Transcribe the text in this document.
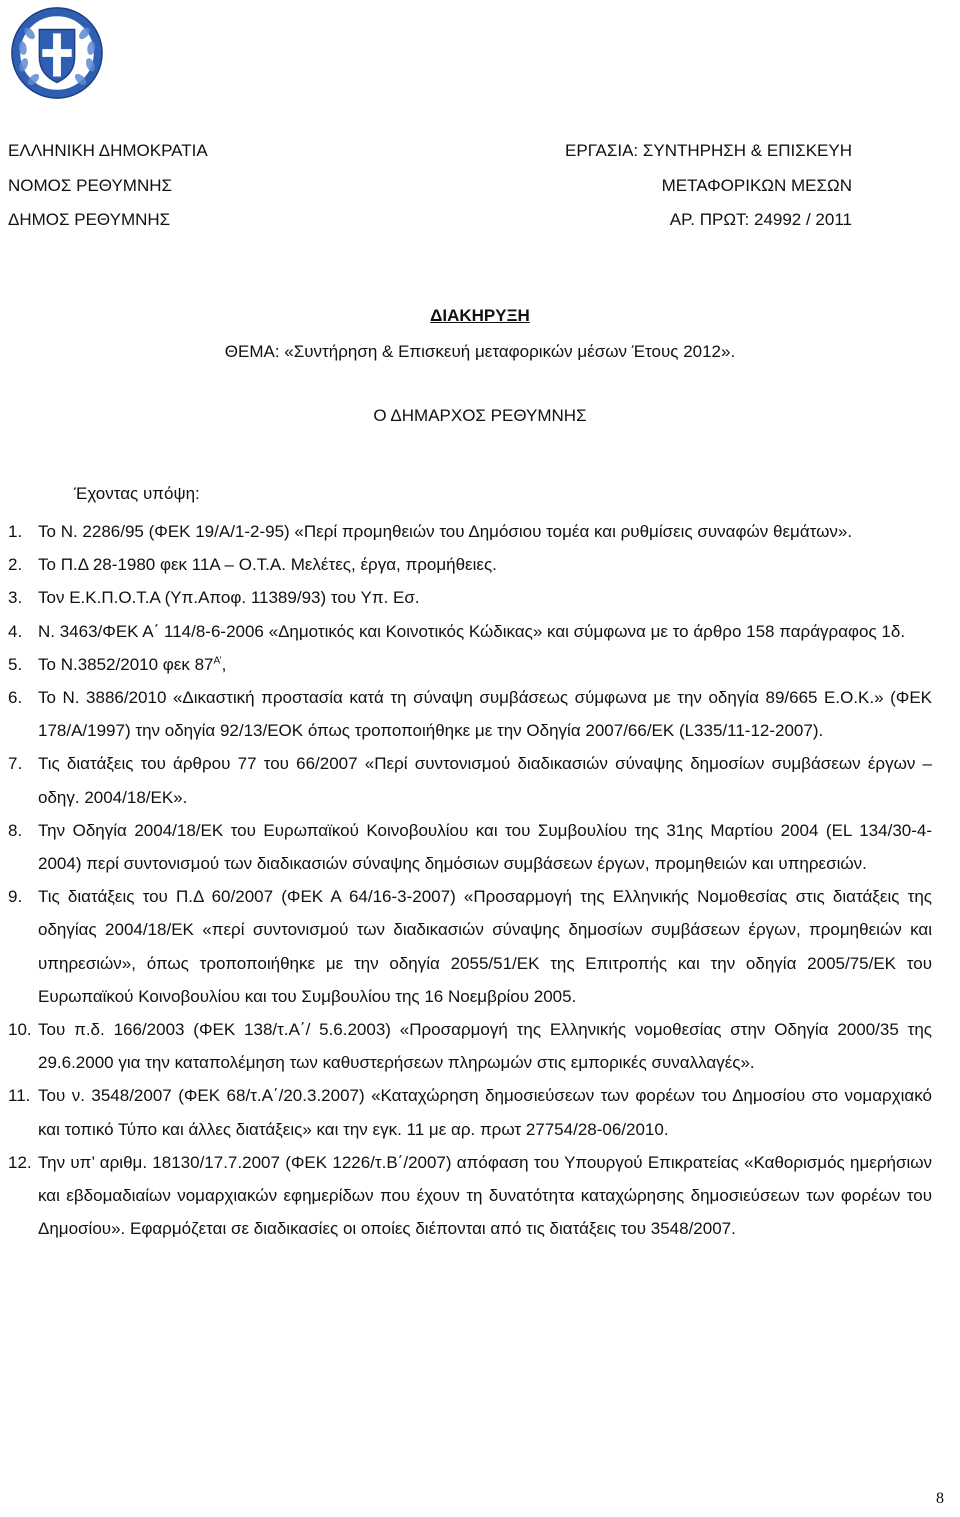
ΕΛΛΗΝΙΚΗ ΔΗΜΟΚΡΑΤΙΑ
ΝΟΜΟΣ ΡΕΘΥΜΝΗΣ
ΔΗΜΟΣ ΡΕΘΥΜΝΗΣ
ΕΡΓΑΣΙΑ: ΣΥΝΤΗΡΗΣΗ & ΕΠΙΣΚΕΥΗ
ΜΕΤΑΦΟΡΙΚΩΝ ΜΕΣΩΝ
ΑΡ. ΠΡΩΤ: 24992 / 2011
ΔΙΑΚΗΡΥΞΗ
ΘΕΜΑ: «Συντήρηση & Επισκευή μεταφορικών μέσων Έτους 2012».
Ο ΔΗΜΑΡΧΟΣ ΡΕΘΥΜΝΗΣ
Έχοντας υπόψη:
1. Το Ν. 2286/95 (ΦΕΚ 19/Α/1-2-95) «Περί προμηθειών του Δημόσιου τομέα και ρυθμίσεις συναφών θεμάτων».
2. Το Π.Δ 28-1980 φεκ 11Α – Ο.Τ.Α. Μελέτες, έργα, προμήθειες.
3. Τον Ε.Κ.Π.Ο.Τ.Α (Υπ.Αποφ. 11389/93) του Υπ. Εσ.
4. Ν. 3463/ΦΕΚ Α΄ 114/8-6-2006 «Δημοτικός και Κοινοτικός Κώδικας» και σύμφωνα με το άρθρο 158 παράγραφος 1δ.
5. Το Ν.3852/2010 φεκ $87^{A’}$,
6. Το Ν. 3886/2010 «Δικαστική προστασία κατά τη σύναψη συμβάσεως σύμφωνα με την οδηγία 89/665 Ε.Ο.Κ.» (ΦΕΚ 178/Α/1997) την οδηγία 92/13/ΕΟΚ όπως τροποποιήθηκε με την Οδηγία 2007/66/ΕΚ (L335/11-12-2007).
7. Τις διατάξεις του άρθρου 77 του 66/2007 «Περί συντονισμού διαδικασιών σύναψης δημοσίων συμβάσεων έργων – οδηγ. 2004/18/ΕΚ».
8. Την Οδηγία 2004/18/ΕΚ του Ευρωπαϊκού Κοινοβουλίου και του Συμβουλίου της 31ης Μαρτίου 2004 (EL 134/30-4-2004) περί συντονισμού των διαδικασιών σύναψης δημόσιων συμβάσεων έργων, προμηθειών και υπηρεσιών.
9. Τις διατάξεις του Π.Δ 60/2007 (ΦΕΚ Α 64/16-3-2007) «Προσαρμογή της Ελληνικής Νομοθεσίας στις διατάξεις της οδηγίας 2004/18/ΕΚ «περί συντονισμού των διαδικασιών σύναψης δημοσίων συμβάσεων έργων, προμηθειών και υπηρεσιών», όπως τροποποιήθηκε με την οδηγία 2055/51/ΕΚ της Επιτροπής και την οδηγία 2005/75/ΕΚ του Ευρωπαϊκού Κοινοβουλίου και του Συμβουλίου της 16 Νοεμβρίου 2005.
10. Του π.δ. 166/2003 (ΦΕΚ 138/τ.Α΄/ 5.6.2003) «Προσαρμογή της Ελληνικής νομοθεσίας στην Οδηγία 2000/35 της 29.6.2000 για την καταπολέμηση των καθυστερήσεων πληρωμών στις εμπορικές συναλλαγές».
11. Του ν. 3548/2007 (ΦΕΚ 68/τ.Α΄/20.3.2007) «Καταχώρηση δημοσιεύσεων των φορέων του Δημοσίου στο νομαρχιακό και τοπικό Τύπο και άλλες διατάξεις» και την εγκ. 11 με αρ. πρωτ 27754/28-06/2010.
12. Την υπ’ αριθμ. 18130/17.7.2007 (ΦΕΚ 1226/τ.Β΄/2007) απόφαση του Υπουργού Επικρατείας «Καθορισμός ημερήσιων και εβδομαδιαίων νομαρχιακών εφημερίδων που έχουν τη δυνατότητα καταχώρησης δημοσιεύσεων των φορέων του Δημοσίου». Εφαρμόζεται σε διαδικασίες οι οποίες διέπονται από τις διατάξεις του 3548/2007.
8
